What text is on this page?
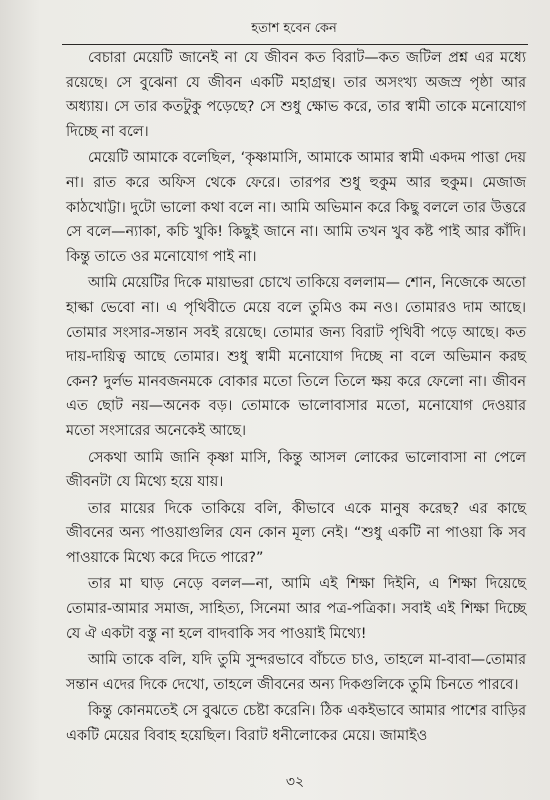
হতাশ হবেন কেন

বেচারা মেয়েটি জানেই না যে জীবন কত বিরাট—কত জটিল প্রশ্ন এর মধ্যে রয়েছে। সে বুঝেনা যে জীবন একটি মহাগ্রন্থ। তার অসংখ্য অজস্র পৃষ্ঠা আর অধ্যায়। সে তার কতটুকু পড়েছে? সে শুধু ক্ষোভ করে, তার স্বামী তাকে মনোযোগ দিচ্ছে না বলে।

মেয়েটি আমাকে বলেছিল, ‘কৃষ্ণামাসি, আমাকে আমার স্বামী একদম পাত্তা দেয় না। রাত করে অফিস থেকে ফেরে। তারপর শুধু হুকুম আর হুকুম। মেজাজ কাঠখোট্টা। দুটো ভালো কথা বলে না। আমি অভিমান করে কিছু বললে তার উত্তরে সে বলে—ন্যাকা, কচি খুকি! কিছুই জানে না। আমি তখন খুব কষ্ট পাই আর কাঁদি। কিন্তু তাতে ওর মনোযোগ পাই না।

আমি মেয়েটির দিকে মায়াভরা চোখে তাকিয়ে বললাম— শোন, নিজেকে অতো হাল্কা ভেবো না। এ পৃথিবীতে মেয়ে বলে তুমিও কম নও। তোমারও দাম আছে। তোমার সংসার-সন্তান সবই রয়েছে। তোমার জন্য বিরাট পৃথিবী পড়ে আছে। কত দায়-দায়িত্ব আছে তোমার। শুধু স্বামী মনোযোগ দিচ্ছে না বলে অভিমান করছ কেন? দুর্লভ মানবজনমকে বোকার মতো তিলে তিলে ক্ষয় করে ফেলো না। জীবন এত ছোট নয়—অনেক বড়। তোমাকে ভালোবাসার মতো, মনোযোগ দেওয়ার মতো সংসারের অনেকেই আছে।

সেকথা আমি জানি কৃষ্ণা মাসি, কিন্তু আসল লোকের ভালোবাসা না পেলে জীবনটা যে মিথ্যে হয়ে যায়।

তার মায়ের দিকে তাকিয়ে বলি, কীভাবে একে মানুষ করেছ? এর কাছে জীবনের অন্য পাওয়াগুলির যেন কোন মূল্য নেই। “শুধু একটি না পাওয়া কি সব পাওয়াকে মিথ্যে করে দিতে পারে?”

তার মা ঘাড় নেড়ে বলল—না, আমি এই শিক্ষা দিইনি, এ শিক্ষা দিয়েছে তোমার-আমার সমাজ, সাহিত্য, সিনেমা আর পত্র-পত্রিকা। সবাই এই শিক্ষা দিচ্ছে যে ঐ একটা বস্তু না হলে বাদবাকি সব পাওয়াই মিথ্যে!

আমি তাকে বলি, যদি তুমি সুন্দরভাবে বাঁচতে চাও, তাহলে মা-বাবা—তোমার সন্তান এদের দিকে দেখো, তাহলে জীবনের অন্য দিকগুলিকে তুমি চিনতে পারবে।

কিন্তু কোনমতেই সে বুঝতে চেষ্টা করেনি। ঠিক একইভাবে আমার পাশের বাড়ির একটি মেয়ের বিবাহ হয়েছিল। বিরাট ধনীলোকের মেয়ে। জামাইও

৩২
